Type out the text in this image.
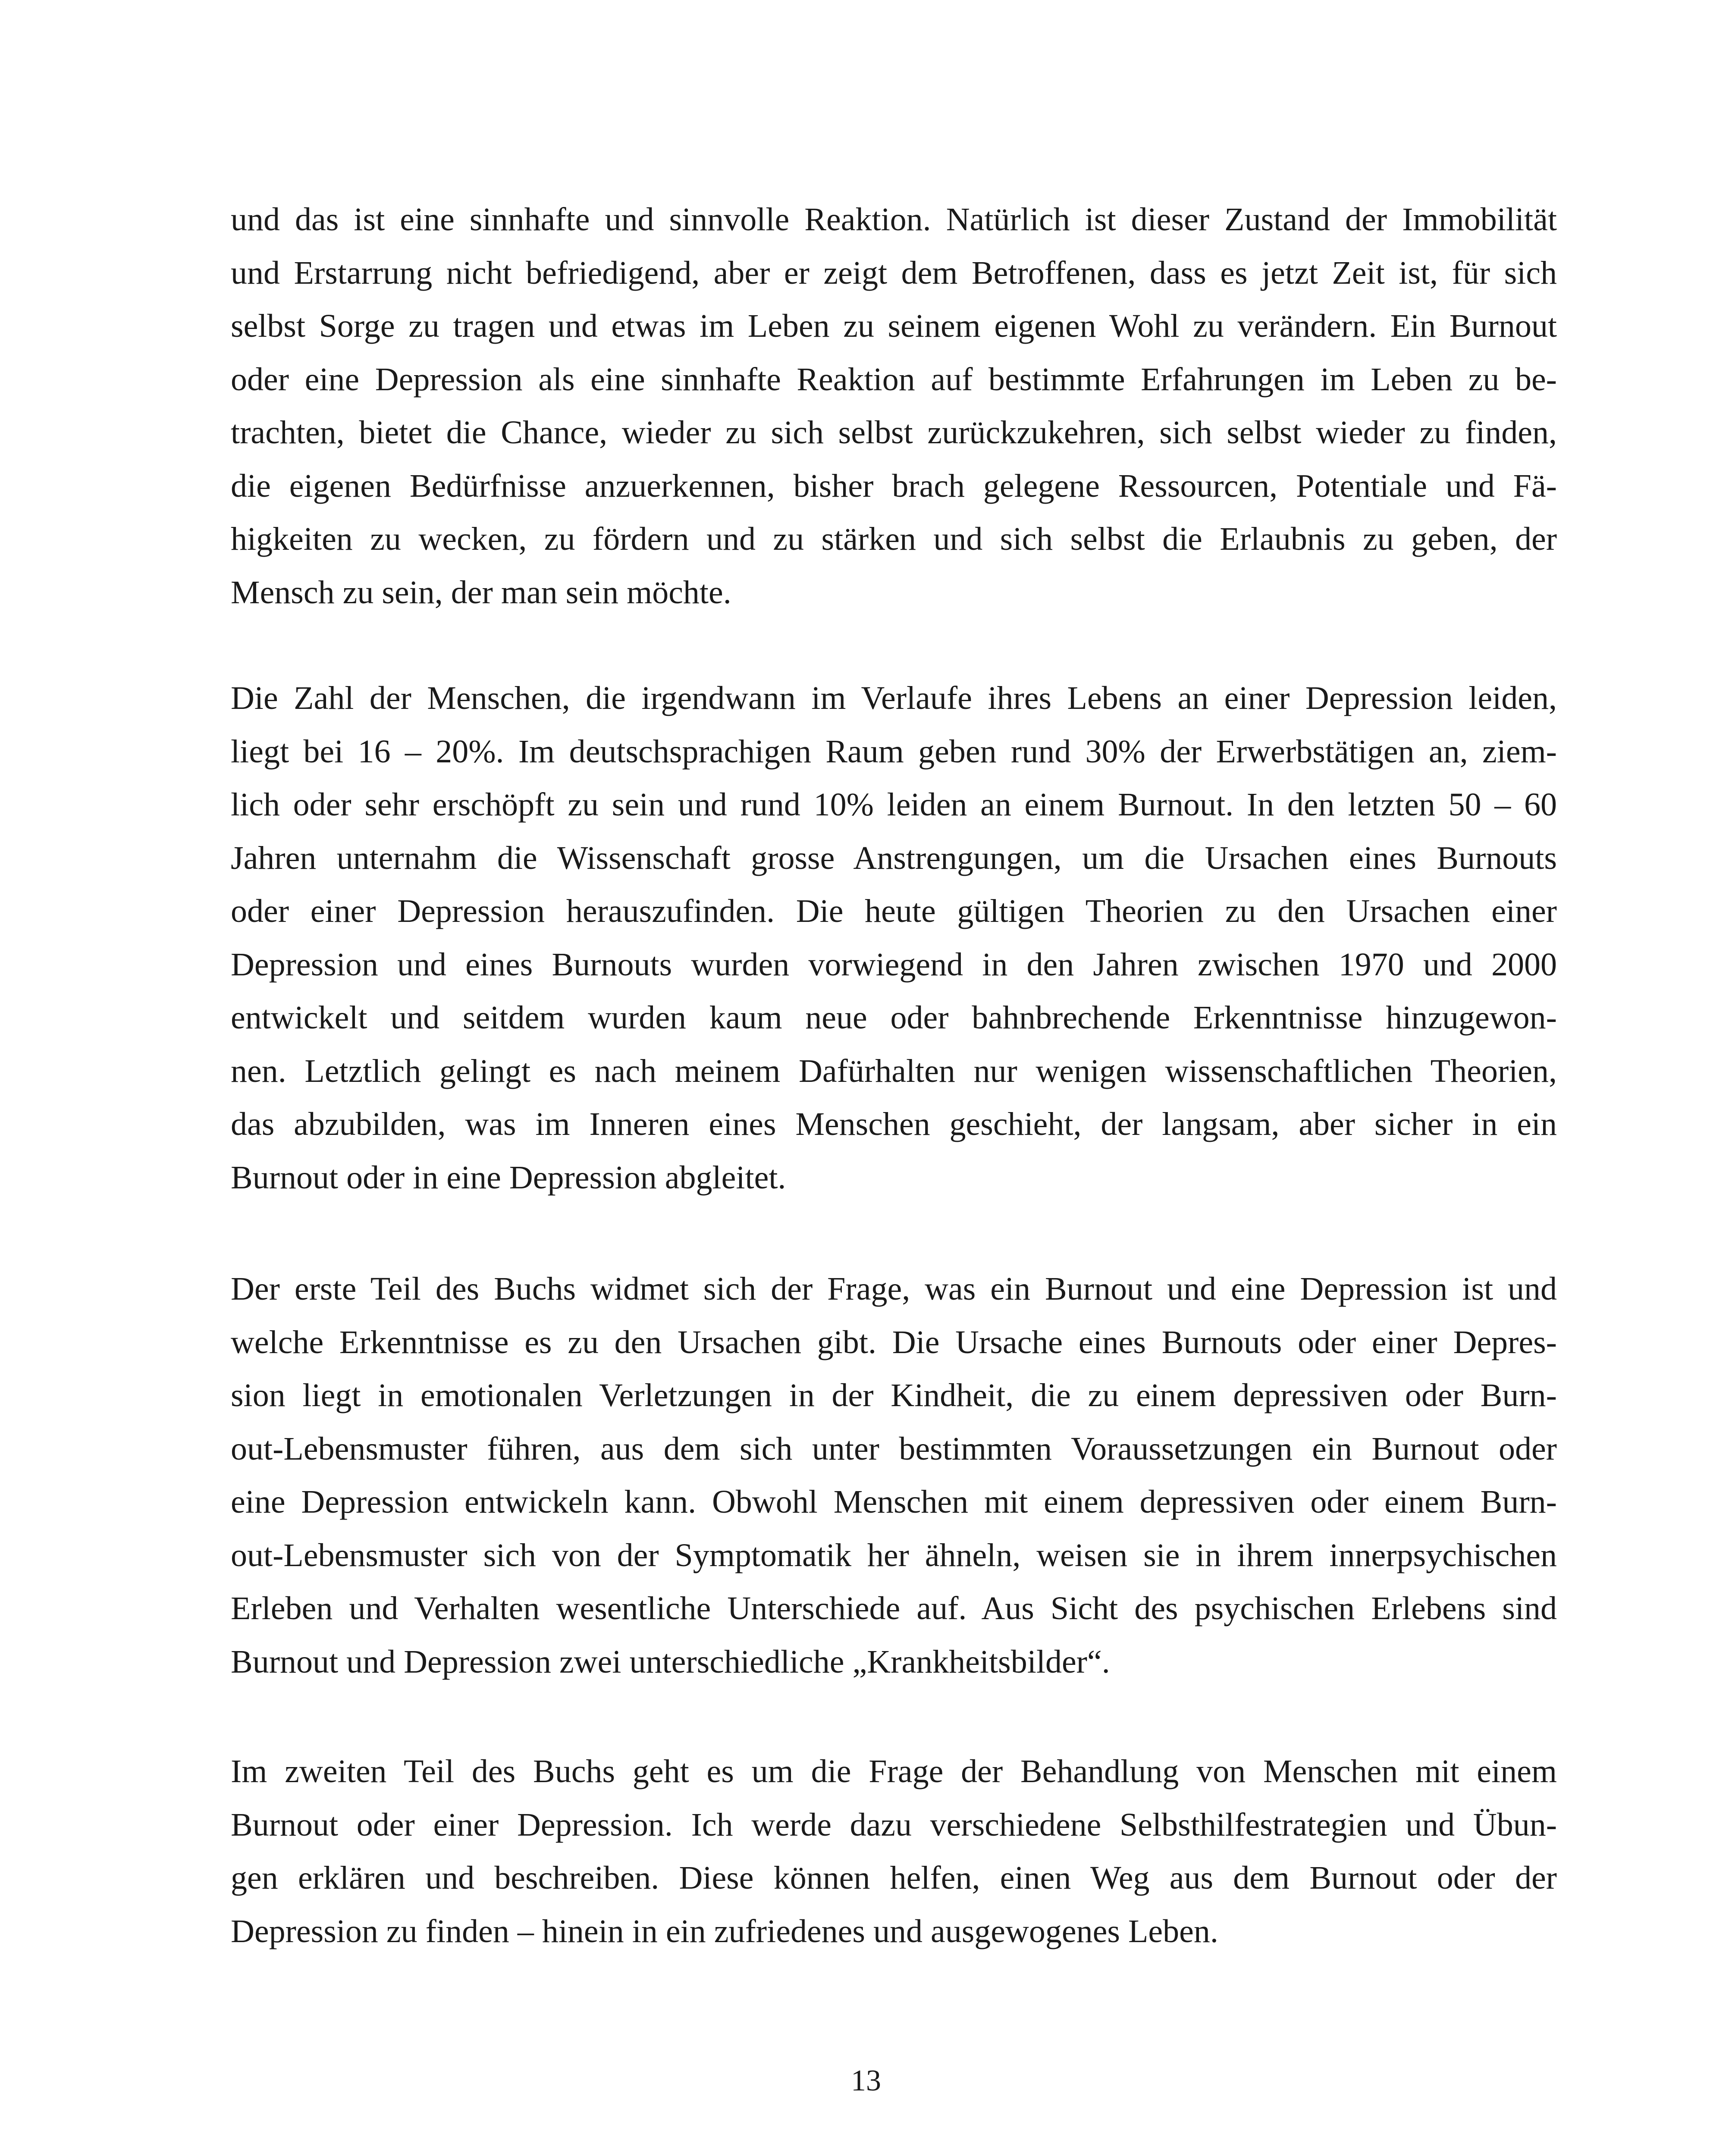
und das ist eine sinnhafte und sinnvolle Reaktion. Natürlich ist dieser Zustand der Immobilität
und Erstarrung nicht befriedigend, aber er zeigt dem Betroffenen, dass es jetzt Zeit ist, für sich
selbst Sorge zu tragen und etwas im Leben zu seinem eigenen Wohl zu verändern. Ein Burnout
oder eine Depression als eine sinnhafte Reaktion auf bestimmte Erfahrungen im Leben zu be-
trachten, bietet die Chance, wieder zu sich selbst zurückzukehren, sich selbst wieder zu finden,
die eigenen Bedürfnisse anzuerkennen, bisher brach gelegene Ressourcen, Potentiale und Fä-
higkeiten zu wecken, zu fördern und zu stärken und sich selbst die Erlaubnis zu geben, der
Mensch zu sein, der man sein möchte.

Die Zahl der Menschen, die irgendwann im Verlaufe ihres Lebens an einer Depression leiden,
liegt bei 16 – 20%. Im deutschsprachigen Raum geben rund 30% der Erwerbstätigen an, ziem-
lich oder sehr erschöpft zu sein und rund 10% leiden an einem Burnout. In den letzten 50 – 60
Jahren unternahm die Wissenschaft grosse Anstrengungen, um die Ursachen eines Burnouts
oder einer Depression herauszufinden. Die heute gültigen Theorien zu den Ursachen einer
Depression und eines Burnouts wurden vorwiegend in den Jahren zwischen 1970 und 2000
entwickelt und seitdem wurden kaum neue oder bahnbrechende Erkenntnisse hinzugewon-
nen. Letztlich gelingt es nach meinem Dafürhalten nur wenigen wissenschaftlichen Theorien,
das abzubilden, was im Inneren eines Menschen geschieht, der langsam, aber sicher in ein
Burnout oder in eine Depression abgleitet.

Der erste Teil des Buchs widmet sich der Frage, was ein Burnout und eine Depression ist und
welche Erkenntnisse es zu den Ursachen gibt. Die Ursache eines Burnouts oder einer Depres-
sion liegt in emotionalen Verletzungen in der Kindheit, die zu einem depressiven oder Burn-
out-Lebensmuster führen, aus dem sich unter bestimmten Voraussetzungen ein Burnout oder
eine Depression entwickeln kann. Obwohl Menschen mit einem depressiven oder einem Burn-
out-Lebensmuster sich von der Symptomatik her ähneln, weisen sie in ihrem innerpsychischen
Erleben und Verhalten wesentliche Unterschiede auf. Aus Sicht des psychischen Erlebens sind
Burnout und Depression zwei unterschiedliche „Krankheitsbilder“.

Im zweiten Teil des Buchs geht es um die Frage der Behandlung von Menschen mit einem
Burnout oder einer Depression. Ich werde dazu verschiedene Selbsthilfestrategien und Übun-
gen erklären und beschreiben. Diese können helfen, einen Weg aus dem Burnout oder der
Depression zu finden – hinein in ein zufriedenes und ausgewogenes Leben.

13
